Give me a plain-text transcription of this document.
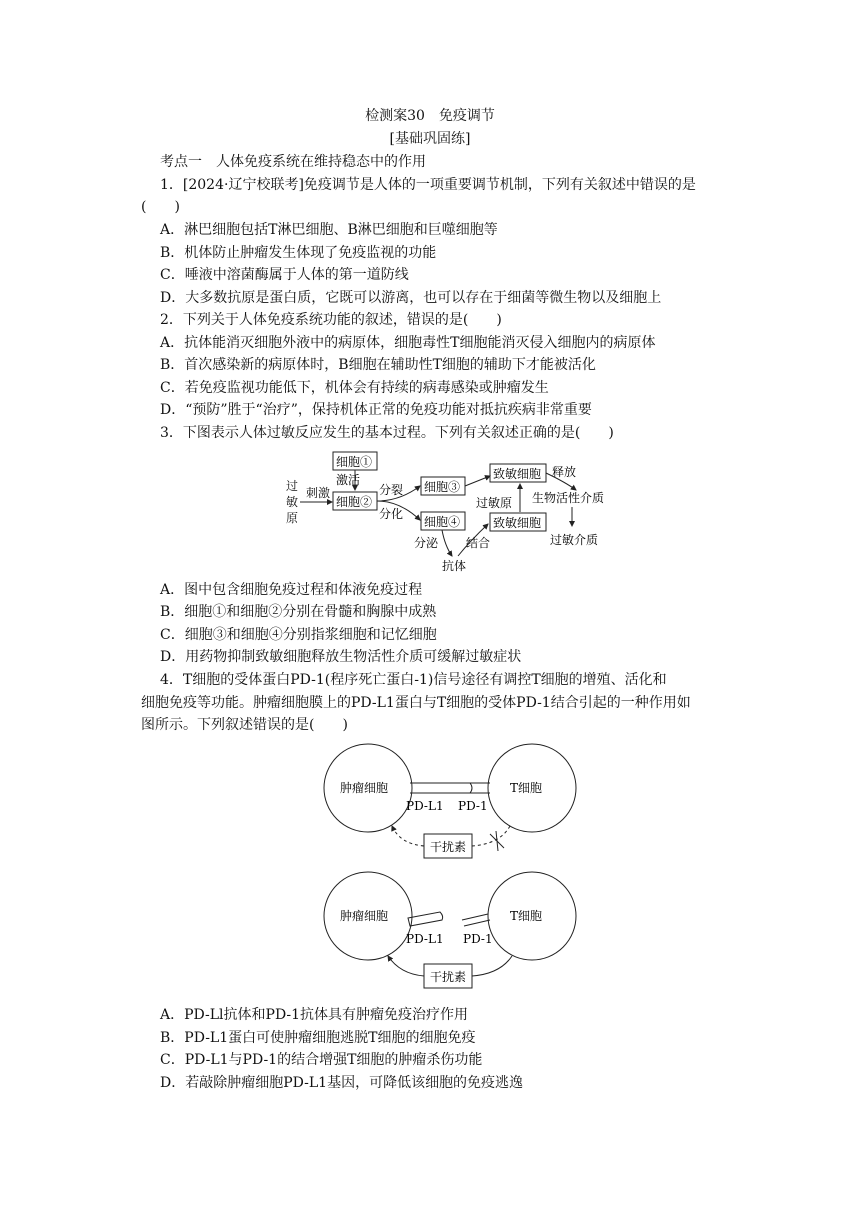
检测案30　免疫调节
[基础巩固练]
考点一　人体免疫系统在维持稳态中的作用
1．[2024·辽宁校联考]免疫调节是人体的一项重要调节机制，下列有关叙述中错误的是
(　　)
A．淋巴细胞包括T淋巴细胞、B淋巴细胞和巨噬细胞等
B．机体防止肿瘤发生体现了免疫监视的功能
C．唾液中溶菌酶属于人体的第一道防线
D．大多数抗原是蛋白质，它既可以游离，也可以存在于细菌等微生物以及细胞上
2．下列关于人体免疫系统功能的叙述，错误的是(　　)
A．抗体能消灭细胞外液中的病原体，细胞毒性T细胞能消灭侵入细胞内的病原体
B．首次感染新的病原体时，B细胞在辅助性T细胞的辅助下才能被活化
C．若免疫监视功能低下，机体会有持续的病毒感染或肿瘤发生
D．“预防”胜于“治疗”，保持机体正常的免疫功能对抵抗疾病非常重要
3．下图表示人体过敏反应发生的基本过程。下列有关叙述正确的是(　　)
过
敏
原
刺激
细胞①
激活
细胞②
分裂
分化
细胞③
细胞④
分泌
抗体
结合
致敏细胞
致敏细胞
过敏原
释放
生物活性介质
过敏介质
A．图中包含细胞免疫过程和体液免疫过程
B．细胞①和细胞②分别在骨髓和胸腺中成熟
C．细胞③和细胞④分别指浆细胞和记忆细胞
D．用药物抑制致敏细胞释放生物活性介质可缓解过敏症状
4．T细胞的受体蛋白PD-1(程序死亡蛋白-1)信号途径有调控T细胞的增殖、活化和
细胞免疫等功能。肿瘤细胞膜上的PD-L1蛋白与T细胞的受体PD-1结合引起的一种作用如
图所示。下列叙述错误的是(　　)
肿瘤细胞	T细胞
PD-L1 PD-1
干扰素
肿瘤细胞	T细胞
PD-L1 PD-1
干扰素
A．PD-Ll抗体和PD-1抗体具有肿瘤免疫治疗作用
B．PD-L1蛋白可使肿瘤细胞逃脱T细胞的细胞免疫
C．PD-L1与PD-1的结合增强T细胞的肿瘤杀伤功能
D．若敲除肿瘤细胞PD-L1基因，可降低该细胞的免疫逃逸
